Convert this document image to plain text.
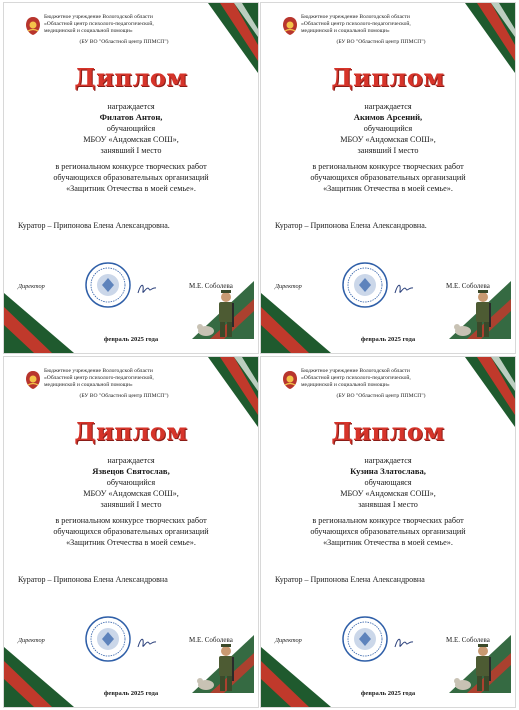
Бюджетное учреждение Вологодской области
«Областной центр психолого-педагогической,
медицинской и социальной помощи»
(БУ ВО "Областной центр ППМСП")
Диплом
награждается
Филатов Антон,
обучающийся
МБОУ «Андомская СОШ»,
занявший I место
в региональном конкурсе творческих работ
обучающихся образовательных организаций
«Защитник Отечества в моей семье».
Куратор – Припонова Елена Александровна.
Директор	М.Е. Соболева
февраль 2025 года
Бюджетное учреждение Вологодской области
«Областной центр психолого-педагогической,
медицинской и социальной помощи»
(БУ ВО "Областной центр ППМСП")
Диплом
награждается
Акимов Арсений,
обучающийся
МБОУ «Андомская СОШ»,
занявший I место
в региональном конкурсе творческих работ
обучающихся образовательных организаций
«Защитник Отечества в моей семье».
Куратор – Припонова Елена Александровна.
Директор	М.Е. Соболева
февраль 2025 года
Бюджетное учреждение Вологодской области
«Областной центр психолого-педагогической,
медицинской и социальной помощи»
(БУ ВО "Областной центр ППМСП")
Диплом
награждается
Язвецов Святослав,
обучающийся
МБОУ «Андомская СОШ»,
занявший I место
в региональном конкурсе творческих работ
обучающихся образовательных организаций
«Защитник Отечества в моей семье».
Куратор – Припонова Елена Александровна
Директор	М.Е. Соболева
февраль 2025 года
Бюджетное учреждение Вологодской области
«Областной центр психолого-педагогической,
медицинской и социальной помощи»
(БУ ВО "Областной центр ППМСП")
Диплом
награждается
Кузина Златослава,
обучающаяся
МБОУ «Андомская СОШ»,
занявшая I место
в региональном конкурсе творческих работ
обучающихся образовательных организаций
«Защитник Отечества в моей семье».
Куратор – Припонова Елена Александровна
Директор	М.Е. Соболева
февраль 2025 года
